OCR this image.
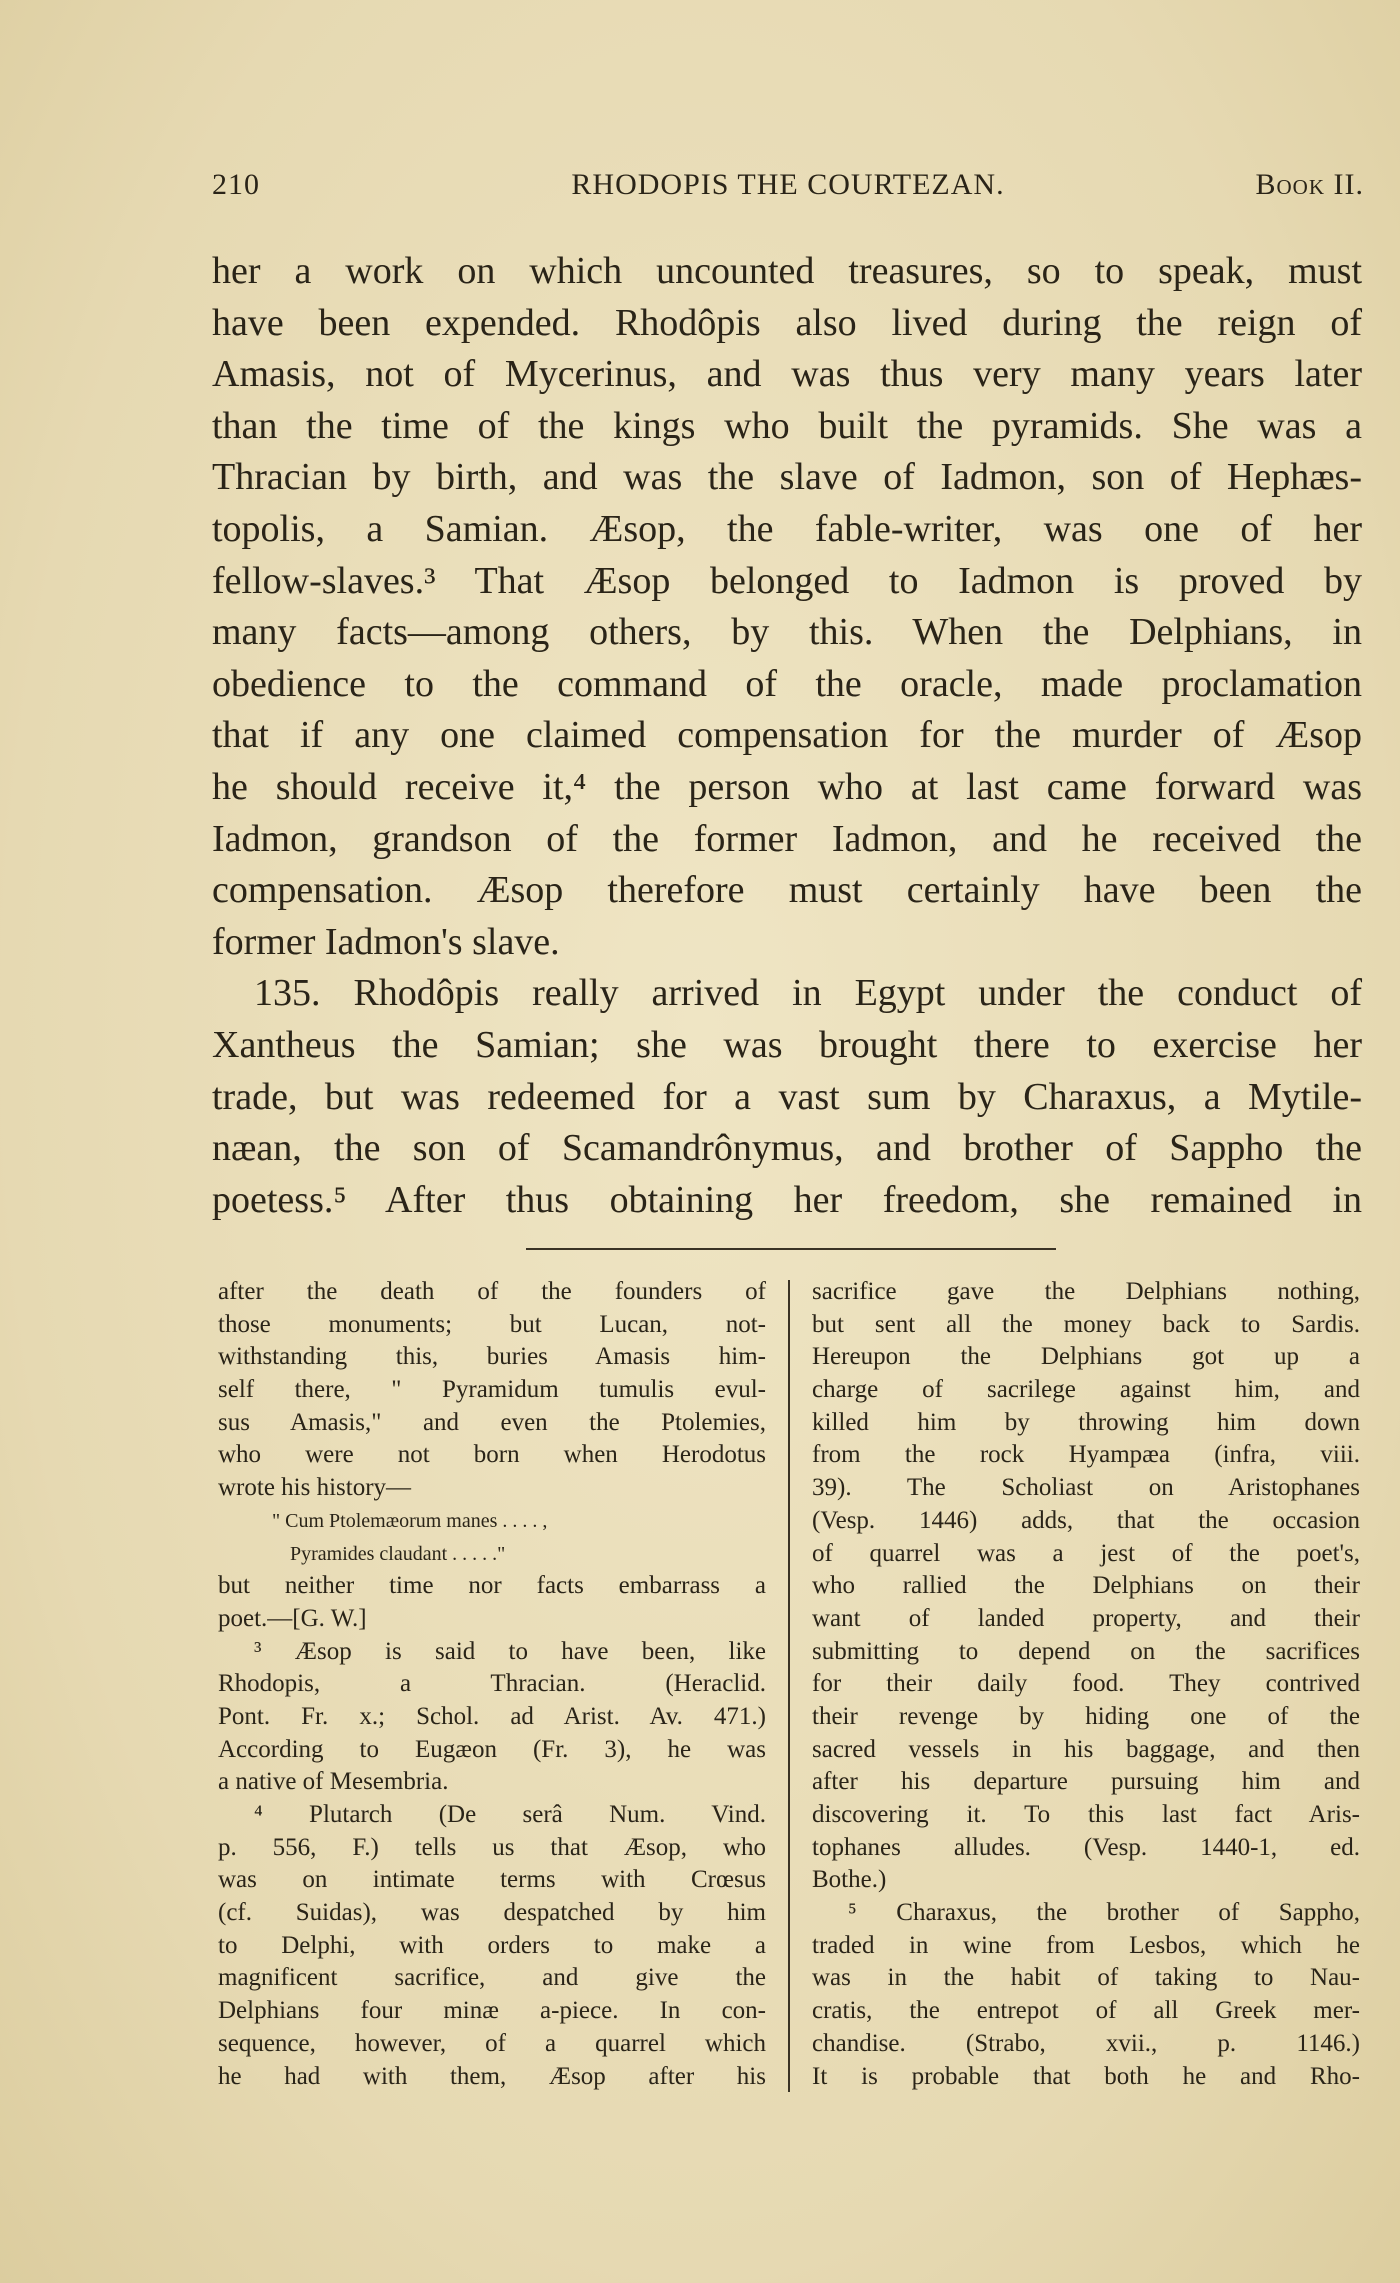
210	RHODOPIS THE COURTEZAN.	Book II.
her a work on which uncounted treasures, so to speak, must
have been expended. Rhodôpis also lived during the reign of
Amasis, not of Mycerinus, and was thus very many years later
than the time of the kings who built the pyramids. She was a
Thracian by birth, and was the slave of Iadmon, son of Hephæs-
topolis, a Samian. Æsop, the fable-writer, was one of her
fellow-slaves.³ That Æsop belonged to Iadmon is proved by
many facts—among others, by this. When the Delphians, in
obedience to the command of the oracle, made proclamation
that if any one claimed compensation for the murder of Æsop
he should receive it,⁴ the person who at last came forward was
Iadmon, grandson of the former Iadmon, and he received the
compensation. Æsop therefore must certainly have been the
former Iadmon's slave.
135. Rhodôpis really arrived in Egypt under the conduct of
Xantheus the Samian; she was brought there to exercise her
trade, but was redeemed for a vast sum by Charaxus, a Mytile-
næan, the son of Scamandrônymus, and brother of Sappho the
poetess.⁵ After thus obtaining her freedom, she remained in
after the death of the founders of
those monuments; but Lucan, not-
withstanding this, buries Amasis him-
self there, " Pyramidum tumulis evul-
sus Amasis," and even the Ptolemies,
who were not born when Herodotus
wrote his history—
" Cum Ptolemæorum manes . . . . ,
Pyramides claudant . . . . ."
but neither time nor facts embarrass a
poet.—[G. W.]
³ Æsop is said to have been, like
Rhodopis, a Thracian. (Heraclid.
Pont. Fr. x.; Schol. ad Arist. Av. 471.)
According to Eugæon (Fr. 3), he was
a native of Mesembria.
⁴ Plutarch (De serâ Num. Vind.
p. 556, F.) tells us that Æsop, who
was on intimate terms with Crœsus
(cf. Suidas), was despatched by him
to Delphi, with orders to make a
magnificent sacrifice, and give the
Delphians four minæ a-piece. In con-
sequence, however, of a quarrel which
he had with them, Æsop after his
sacrifice gave the Delphians nothing,
but sent all the money back to Sardis.
Hereupon the Delphians got up a
charge of sacrilege against him, and
killed him by throwing him down
from the rock Hyampæa (infra, viii.
39). The Scholiast on Aristophanes
(Vesp. 1446) adds, that the occasion
of quarrel was a jest of the poet's,
who rallied the Delphians on their
want of landed property, and their
submitting to depend on the sacrifices
for their daily food. They contrived
their revenge by hiding one of the
sacred vessels in his baggage, and then
after his departure pursuing him and
discovering it. To this last fact Aris-
tophanes alludes. (Vesp. 1440-1, ed.
Bothe.)
⁵ Charaxus, the brother of Sappho,
traded in wine from Lesbos, which he
was in the habit of taking to Nau-
cratis, the entrepot of all Greek mer-
chandise. (Strabo, xvii., p. 1146.)
It is probable that both he and Rho-
